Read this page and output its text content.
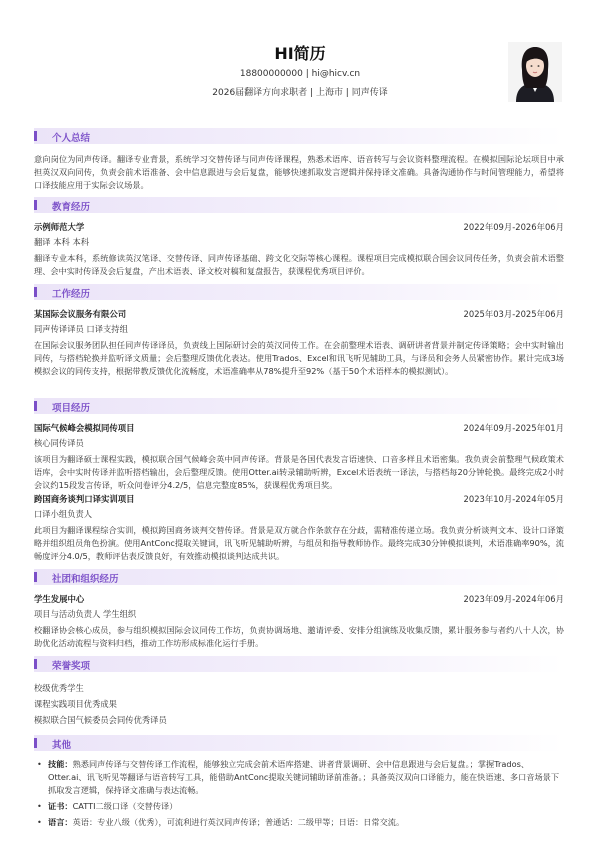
HI简历
18800000000 | hi@hicv.cn
2026届翻译方向求职者 | 上海市 | 同声传译
个人总结
意向岗位为同声传译。翻译专业背景，系统学习交替传译与同声传译课程，熟悉术语库、语音转写与会议资料整理流程。在模拟国际论坛项目中承担英汉双向同传，负责会前术语准备、会中信息跟进与会后复盘，能够快速抓取发言逻辑并保持译文准确。具备沟通协作与时间管理能力，希望将口译技能应用于实际会议场景。
教育经历
示例师范大学	2022年09月-2026年06月
翻译 本科 本科
翻译专业本科，系统修读英汉笔译、交替传译、同声传译基础、跨文化交际等核心课程。课程项目完成模拟联合国会议同传任务，负责会前术语整理、会中实时传译及会后复盘，产出术语表、译文校对稿和复盘报告，获课程优秀项目评价。
工作经历
某国际会议服务有限公司	2025年03月-2025年06月
同声传译译员 口译支持组
在国际会议服务团队担任同声传译译员，负责线上国际研讨会的英汉同传工作。在会前整理术语表、调研讲者背景并制定传译策略；会中实时输出同传，与搭档轮换并监听译文质量；会后整理反馈优化表达。使用Trados、Excel和讯飞听见辅助工具，与译员和会务人员紧密协作。累计完成3场模拟会议的同传支持，根据带教反馈优化流畅度，术语准确率从78%提升至92%（基于50个术语样本的模拟测试）。
项目经历
国际气候峰会模拟同传项目	2024年09月-2025年01月
核心同传译员
该项目为翻译硕士课程实践，模拟联合国气候峰会英中同声传译。背景是各国代表发言语速快、口音多样且术语密集。我负责会前整理气候政策术语库，会中实时传译并监听搭档输出，会后整理反馈。使用Otter.ai转录辅助听辨，Excel术语表统一译法，与搭档每20分钟轮换。最终完成2小时会议约15段发言传译，听众问卷评分4.2/5，信息完整度85%，获课程优秀项目奖。
跨国商务谈判口译实训项目	2023年10月-2024年05月
口译小组负责人
此项目为翻译课程综合实训，模拟跨国商务谈判交替传译。背景是双方就合作条款存在分歧，需精准传递立场。我负责分析谈判文本、设计口译策略并组织组员角色扮演。使用AntConc提取关键词，讯飞听见辅助听辨，与组员和指导教师协作。最终完成30分钟模拟谈判，术语准确率90%，流畅度评分4.0/5，教师评估表反馈良好，有效推动模拟谈判达成共识。
社团和组织经历
学生发展中心	2023年09月-2024年06月
项目与活动负责人 学生组织
校翻译协会核心成员，参与组织模拟国际会议同传工作坊，负责协调场地、邀请评委、安排分组演练及收集反馈，累计服务参与者约八十人次，协助优化活动流程与资料归档，推动工作坊形成标准化运行手册。
荣誉奖项
校级优秀学生
课程实践项目优秀成果
模拟联合国气候委员会同传优秀译员
其他
• 技能：熟悉同声传译与交替传译工作流程，能够独立完成会前术语库搭建、讲者背景调研、会中信息跟进与会后复盘。；掌握Trados、Otter.ai、讯飞听见等翻译与语音转写工具，能借助AntConc提取关键词辅助译前准备。；具备英汉双向口译能力，能在快语速、多口音场景下抓取发言逻辑，保持译文准确与表达流畅。
• 证书：CATTI二级口译（交替传译）
• 语言：英语：专业八级（优秀），可流利进行英汉同声传译；普通话：二级甲等；日语：日常交流。
